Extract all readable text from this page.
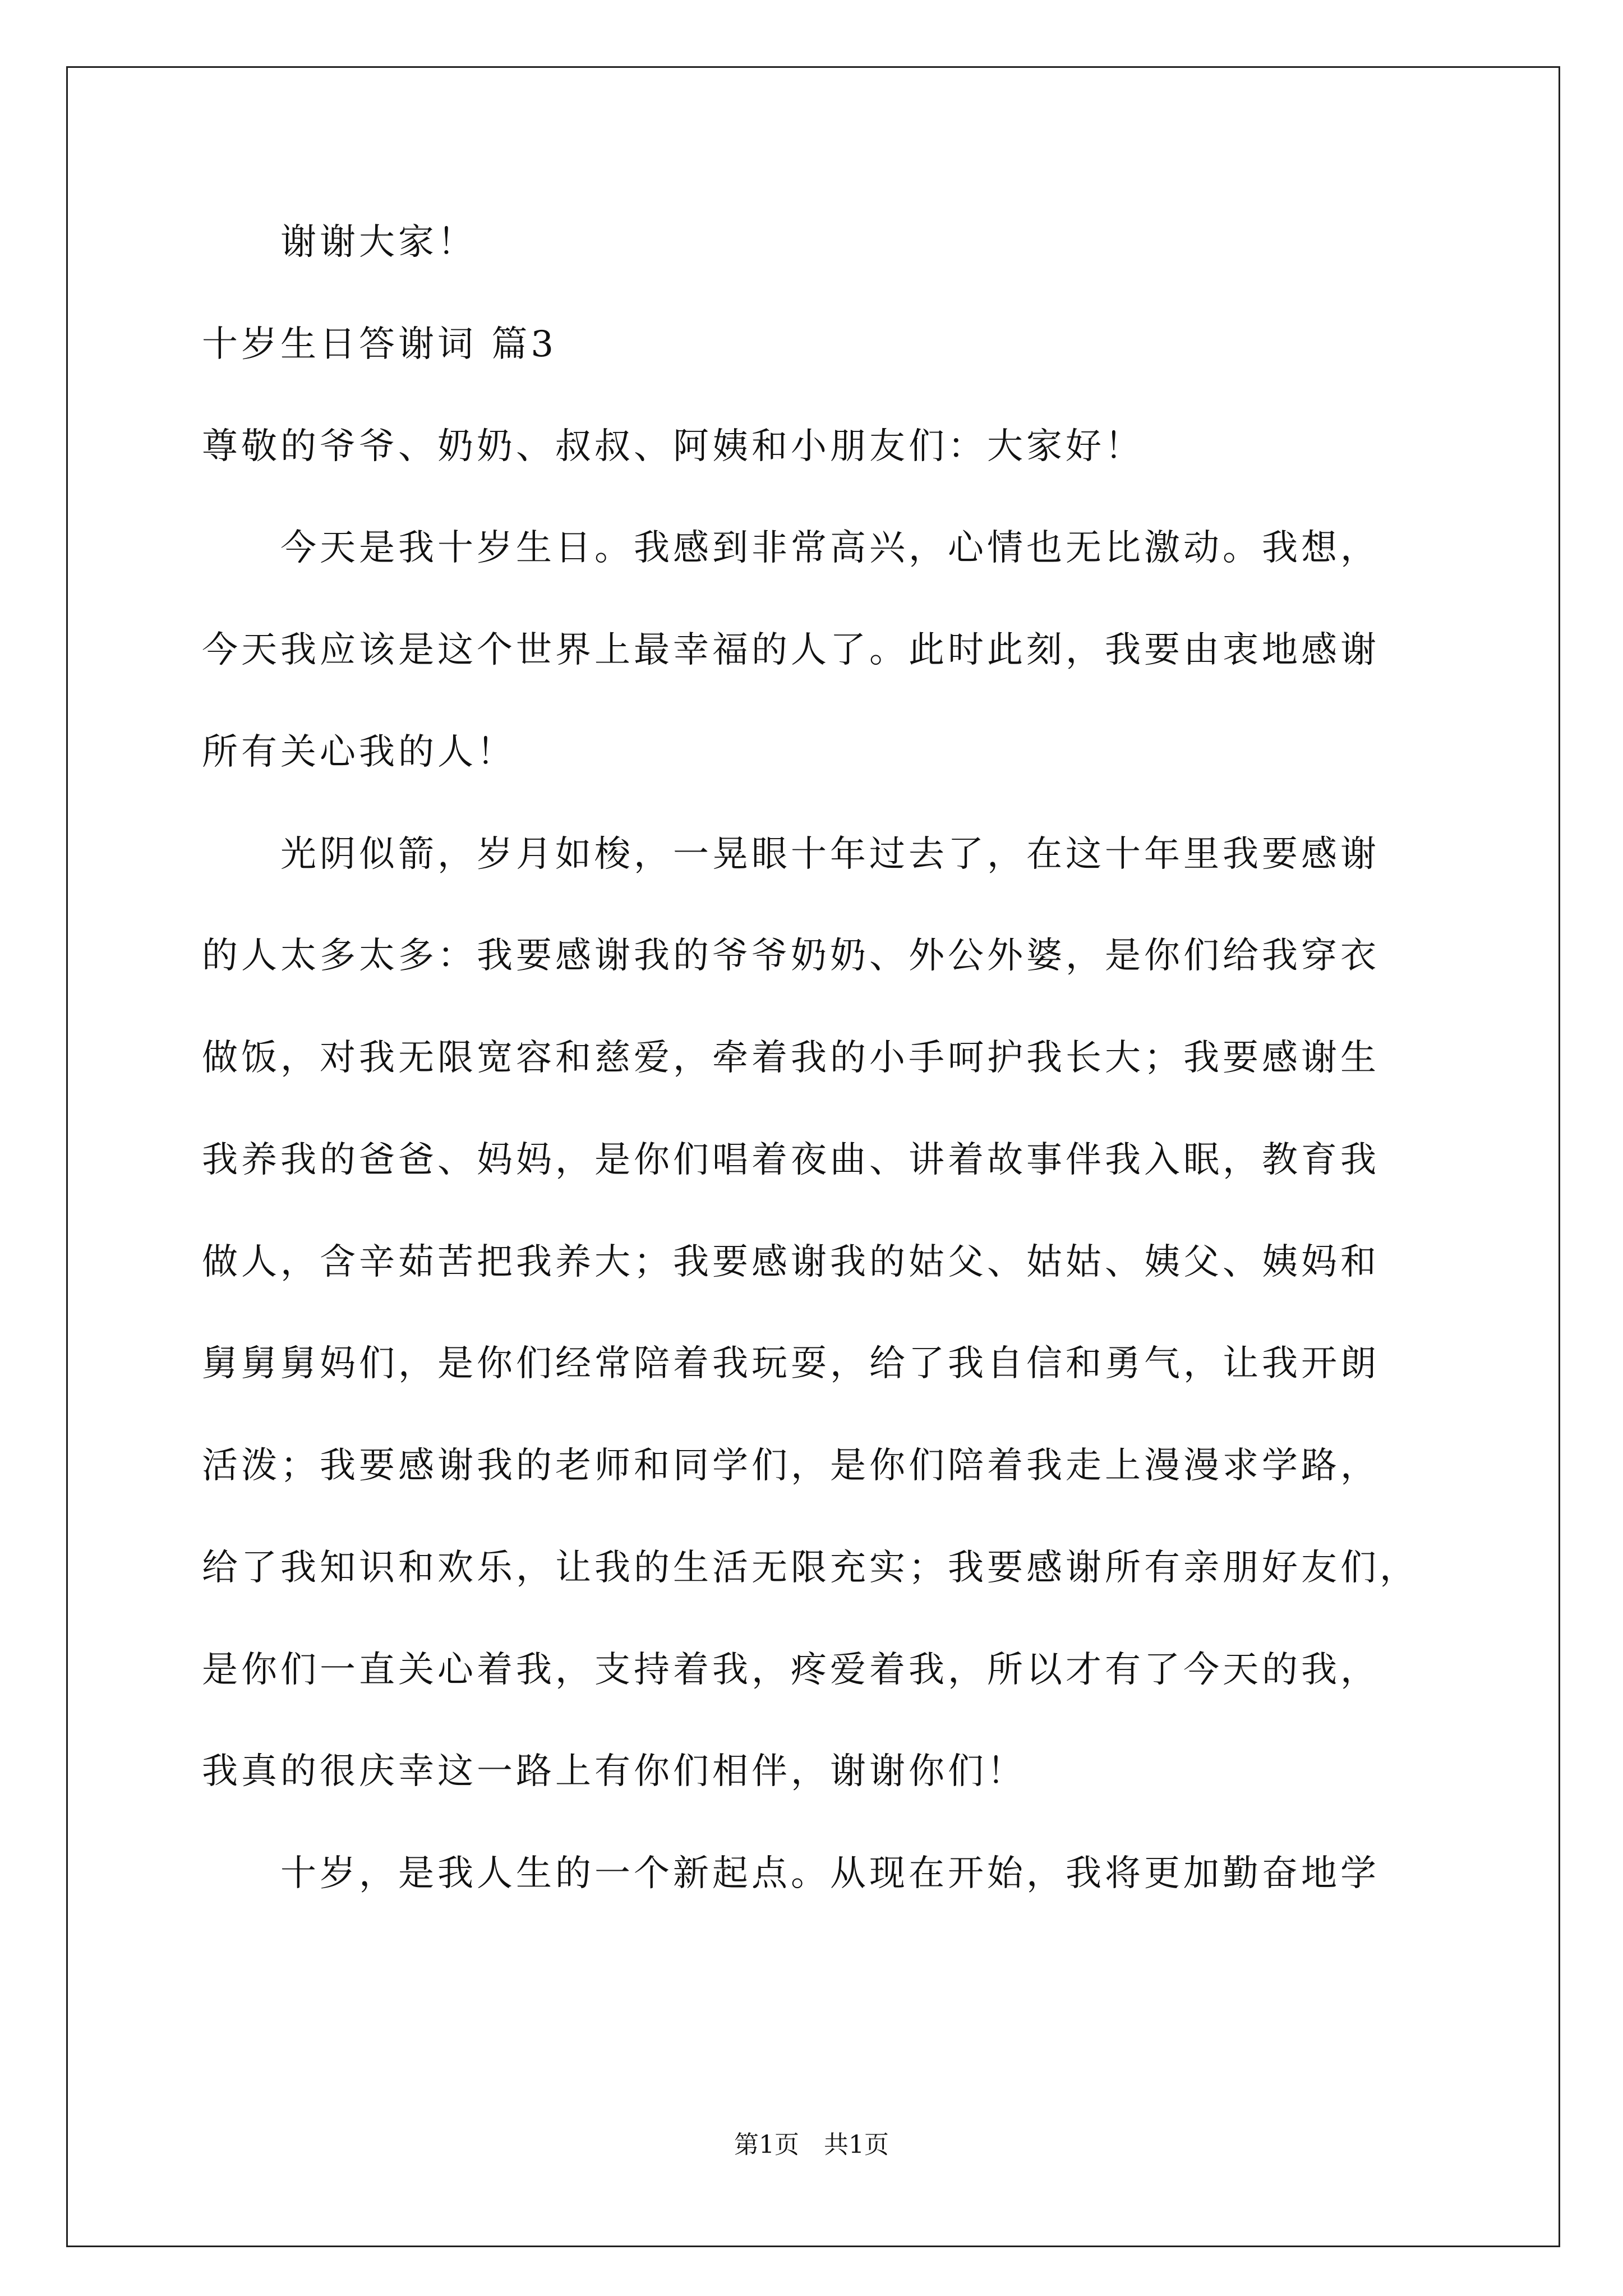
谢谢大家！
十岁生日答谢词 篇3
尊敬的爷爷、奶奶、叔叔、阿姨和小朋友们：大家好！
今天是我十岁生日。我感到非常高兴，心情也无比激动。我想，
今天我应该是这个世界上最幸福的人了。此时此刻，我要由衷地感谢
所有关心我的人！
光阴似箭，岁月如梭，一晃眼十年过去了，在这十年里我要感谢
的人太多太多：我要感谢我的爷爷奶奶、外公外婆，是你们给我穿衣
做饭，对我无限宽容和慈爱，牵着我的小手呵护我长大；我要感谢生
我养我的爸爸、妈妈，是你们唱着夜曲、讲着故事伴我入眠，教育我
做人，含辛茹苦把我养大；我要感谢我的姑父、姑姑、姨父、姨妈和
舅舅舅妈们，是你们经常陪着我玩耍，给了我自信和勇气，让我开朗
活泼；我要感谢我的老师和同学们，是你们陪着我走上漫漫求学路，
给了我知识和欢乐，让我的生活无限充实；我要感谢所有亲朋好友们，
是你们一直关心着我，支持着我，疼爱着我，所以才有了今天的我，
我真的很庆幸这一路上有你们相伴，谢谢你们！
十岁，是我人生的一个新起点。从现在开始，我将更加勤奋地学
第1页　共1页
